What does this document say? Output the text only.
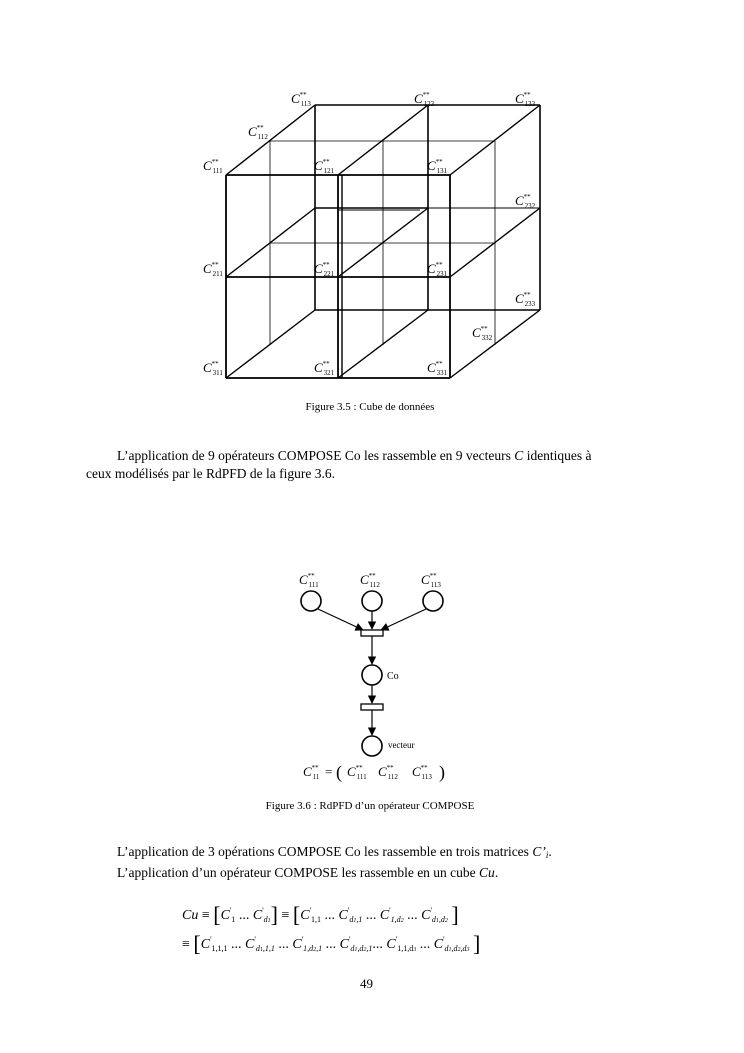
C** 113	C** 123	C** 133
C** 112
C** 111	C** 121	C** 131
C** 231
C** 232
C** 211	C** 221
C** 233
C** 332
C** 311	C** 321	C** 331
Figure 3.5 : Cube de données
L’application de 9 opérateurs COMPOSE Co les rassemble en 9 vecteurs C identiques à
ceux modélisés par le RdPFD de la figure 3.6.
C** 111	C** 112	C** 113
Co
vecteur
C** 11 = ( C** 111 C** 112 C** 113 )
Figure 3.6 : RdPFD d’un opérateur COMPOSE
L’application de 3 opérations COMPOSE Co les rassemble en trois matrices C’i.
L’application d’un opérateur COMPOSE les rassemble en un cube Cu.
$Cu \equiv [C'_1$ ... $C'_{d1}] \equiv [C'_{1,1}$ ... $C'_{d1,1}$ ... $C'_{1,d2}$ ... $C'_{d1,d2}$ ]
≡ [$C'_{1,1,1}$ ... $C'_{d1,1,1}$ ... $C'_{1,d2,1}$ ... $C'_{d1,d2,1}$... $C'_{1,1,d3}$ ... $C'_{d1,d2,d3}$ ]
49
